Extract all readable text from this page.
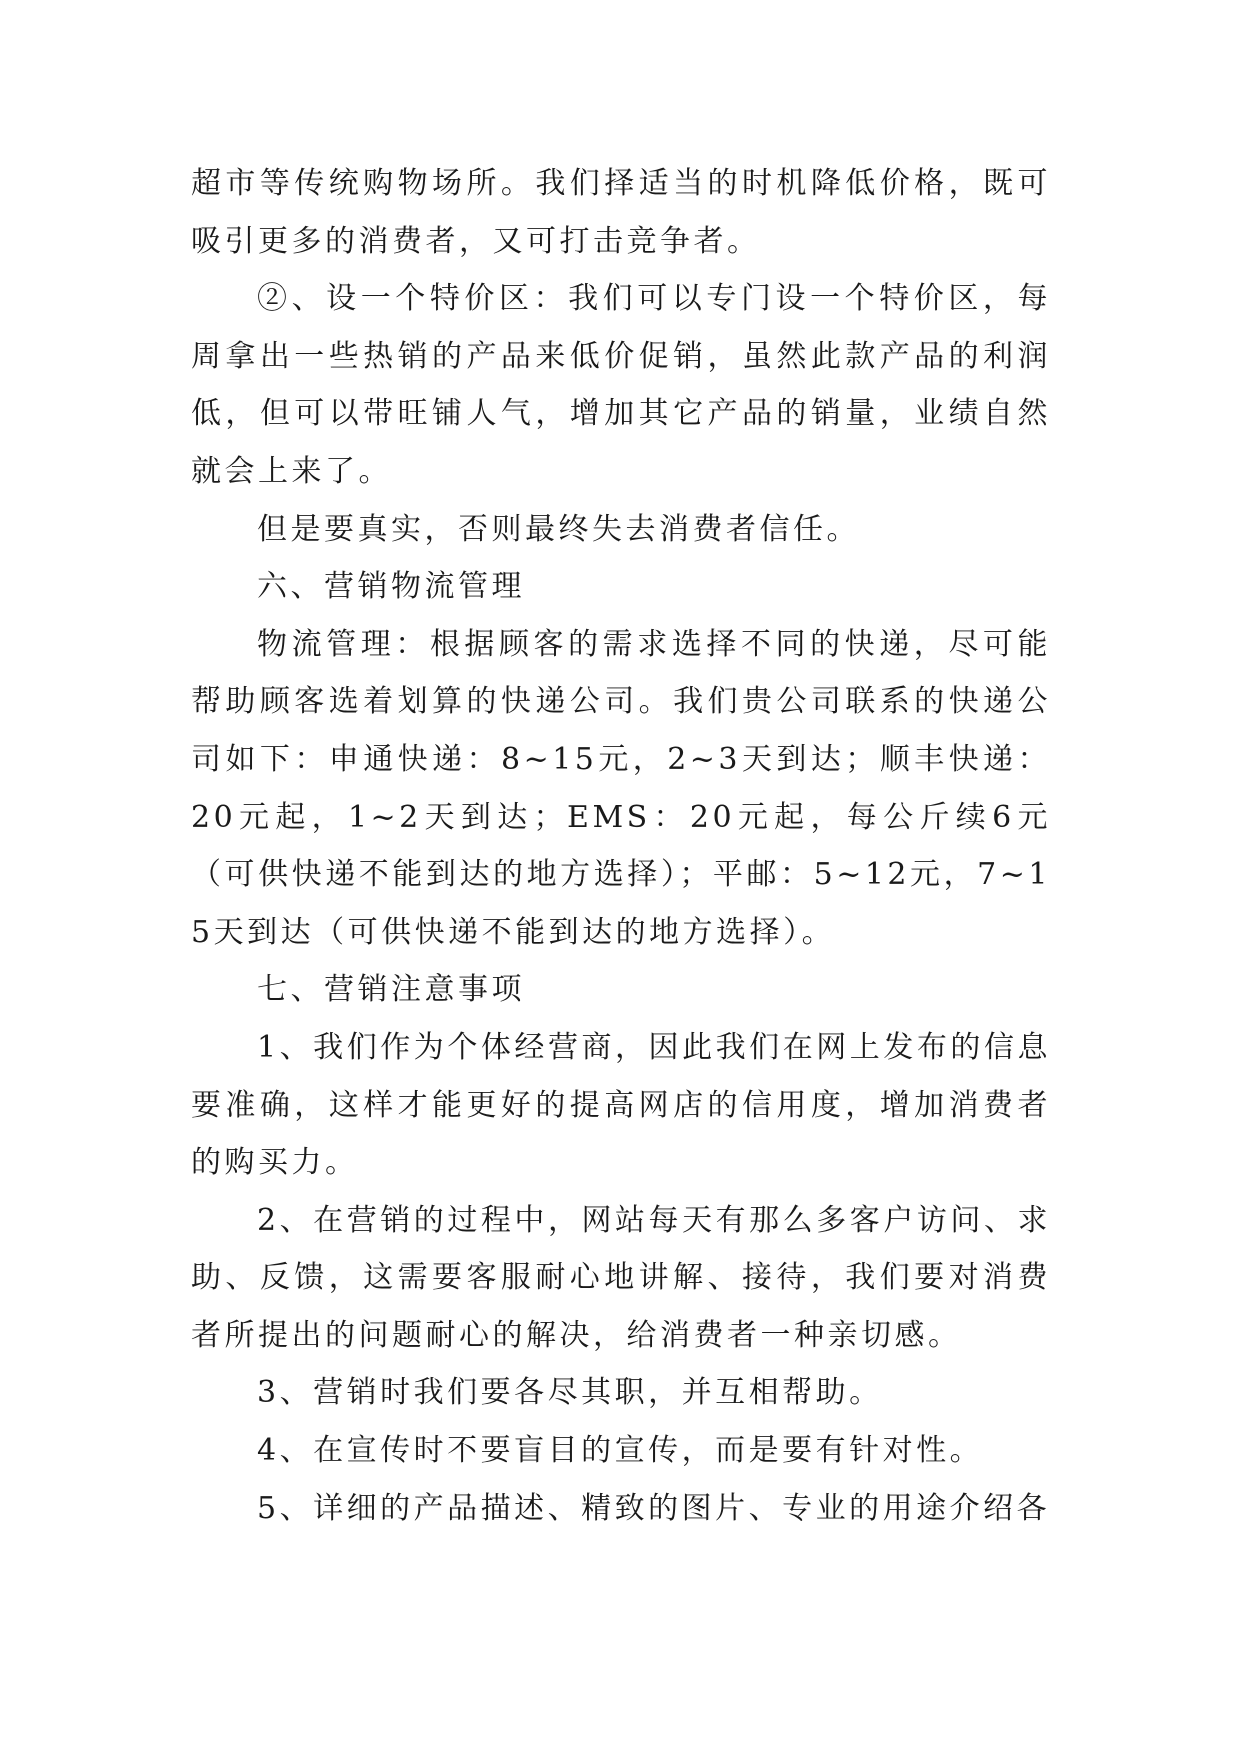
超市等传统购物场所。我们择适当的时机降低价格，既可吸引更多的消费者，又可打击竞争者。

②、设一个特价区：我们可以专门设一个特价区，每周拿出一些热销的产品来低价促销，虽然此款产品的利润低，但可以带旺铺人气，增加其它产品的销量，业绩自然就会上来了。

但是要真实，否则最终失去消费者信任。

六、营销物流管理

物流管理：根据顾客的需求选择不同的快递，尽可能帮助顾客选着划算的快递公司。我们贵公司联系的快递公司如下：申通快递：8~15元，2~3天到达；顺丰快递：20元起，1~2天到达；EMS：20元起，每公斤续6元（可供快递不能到达的地方选择）；平邮：5~12元，7~15天到达（可供快递不能到达的地方选择）。

七、营销注意事项

1、我们作为个体经营商，因此我们在网上发布的信息要准确，这样才能更好的提高网店的信用度，增加消费者的购买力。

2、在营销的过程中，网站每天有那么多客户访问、求助、反馈，这需要客服耐心地讲解、接待，我们要对消费者所提出的问题耐心的解决，给消费者一种亲切感。

3、营销时我们要各尽其职，并互相帮助。

4、在宣传时不要盲目的宣传，而是要有针对性。

5、详细的产品描述、精致的图片、专业的用途介绍各
